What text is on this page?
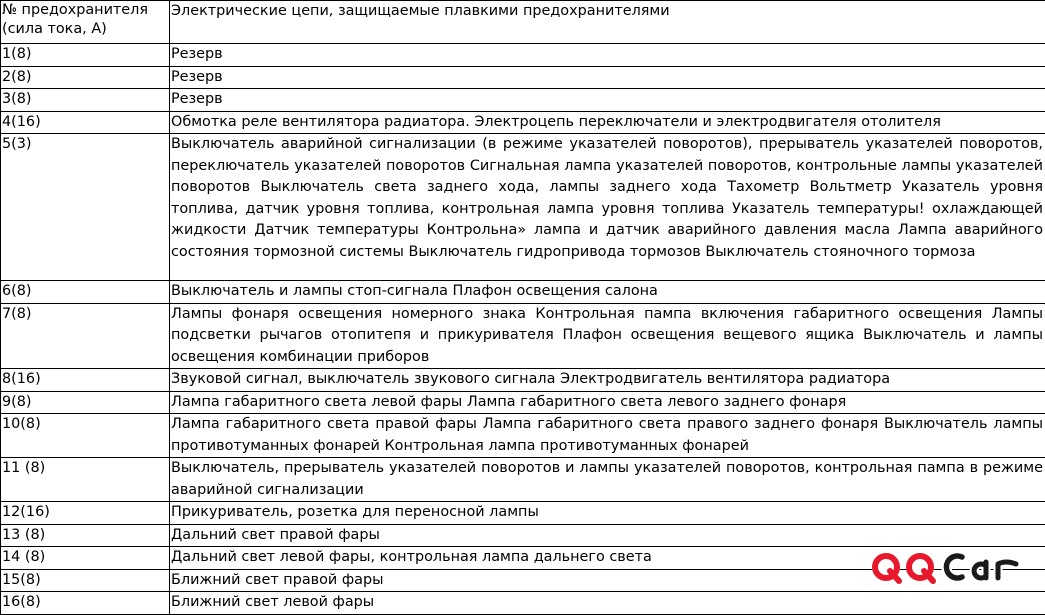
№ предохранителя (сила тока, А)	Электрические цепи, защищаемые плавкими предохранителями
1(8)	Резерв
2(8)	Резерв
3(8)	Резерв
4(16)	Обмотка реле вентилятора радиатора. Электроцепь переключатели и электродвигателя отолителя
5(3)	Выключатель аварийной сигнализации (в режиме указателей поворотов), прерыватель указателей поворотов, переключатель указателей поворотов Сигнальная лампа указателей поворотов, контрольные лампы указателей поворотов Выключатель света заднего хода, лампы заднего хода Тахометр Вольтметр Указатель уровня топлива, датчик уровня топлива, контрольная лампа уровня топлива Указатель температуры! охлаждающей жидкости Датчик температуры Контрольна» лампа и датчик аварийного давления масла Лампа аварийного состояния тормозной системы Выключатель гидропривода тормозов Выключатель стояночного тормоза
6(8)	Выключатель и лампы стоп-сигнала Плафон освещения салона
7(8)	Лампы фонаря освещения номерного знака Контрольная пампа включения габаритного освещения Лампы подсветки рычагов отопитепя и прикуривателя Плафон освещения вещевого ящика Выключатель и лампы освещения комбинации приборов
8(16)	Звуковой сигнал, выключатель звукового сигнала Электродвигатель вентилятора радиатора
9(8)	Лампа габаритного света левой фары Лампа габаритного света левого заднего фонаря
10(8)	Лампа габаритного света правой фары Лампа габаритного света правого заднего фонаря Выключатель лампы противотуманных фонарей Контрольная лампа противотуманных фонарей
11 (8)	Выключатель, прерыватель указателей поворотов и лампы указателей поворотов, контрольная пампа в режиме аварийной сигнализации
12(16)	Прикуриватель, розетка для переносной лампы
13 (8)	Дальний свет правой фары
14 (8)	Дальний свет левой фары, контрольная лампа дальнего света
15(8)	Ближний свет правой фары
16(8)	Ближний свет левой фары
